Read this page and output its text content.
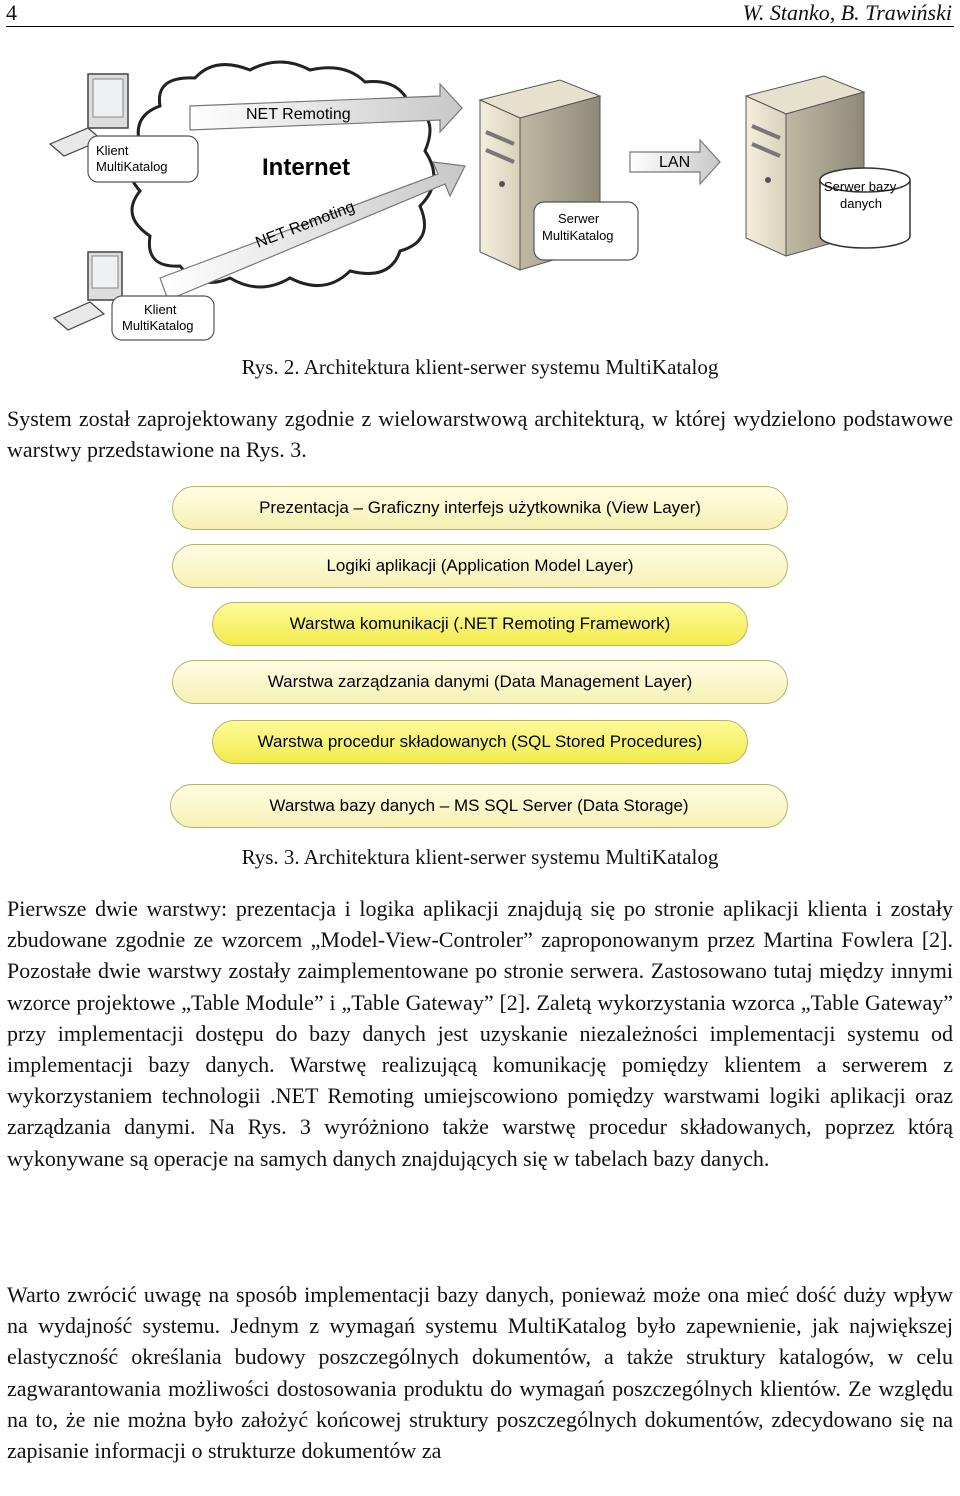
4	W. Stanko, B. Trawiński
NET Remoting
Internet
NET Remoting
LAN
Klient MultiKatalog
Klient MultiKatalog
Serwer MultiKatalog
Serwer bazy danych
Rys. 2. Architektura klient-serwer systemu MultiKatalog

System został zaprojektowany zgodnie z wielowarstwową architekturą, w której wydzielono podstawowe warstwy przedstawione na Rys. 3.

Prezentacja – Graficzny interfejs użytkownika (View Layer)
Logiki aplikacji (Application Model Layer)
Warstwa komunikacji (.NET Remoting Framework)
Warstwa zarządzania danymi (Data Management Layer)
Warstwa procedur składowanych (SQL Stored Procedures)
Warstwa bazy danych – MS SQL Server (Data Storage)
Rys. 3. Architektura klient-serwer systemu MultiKatalog

Pierwsze dwie warstwy: prezentacja i logika aplikacji znajdują się po stronie aplikacji klienta i zostały zbudowane zgodnie ze wzorcem „Model-View-Controler” zaproponowanym przez Martina Fowlera [2]. Pozostałe dwie warstwy zostały zaimplementowane po stronie serwera. Zastosowano tutaj między innymi wzorce projektowe „Table Module” i „Table Gateway” [2]. Zaletą wykorzystania wzorca „Table Gateway” przy implementacji dostępu do bazy danych jest uzyskanie niezależności implementacji systemu od implementacji bazy danych. Warstwę realizującą komunikację pomiędzy klientem a serwerem z wykorzystaniem technologii .NET Remoting umiejscowiono pomiędzy warstwami logiki aplikacji oraz zarządzania danymi. Na Rys. 3 wyróżniono także warstwę procedur składowanych, poprzez którą wykonywane są operacje na samych danych znajdujących się w tabelach bazy danych.

Warto zwrócić uwagę na sposób implementacji bazy danych, ponieważ może ona mieć dość duży wpływ na wydajność systemu. Jednym z wymagań systemu MultiKatalog było zapewnienie, jak największej elastyczność określania budowy poszczególnych dokumentów, a także struktury katalogów, w celu zagwarantowania możliwości dostosowania produktu do wymagań poszczególnych klientów. Ze względu na to, że nie można było założyć końcowej struktury poszczególnych dokumentów, zdecydowano się na zapisanie informacji o strukturze dokumentów za
